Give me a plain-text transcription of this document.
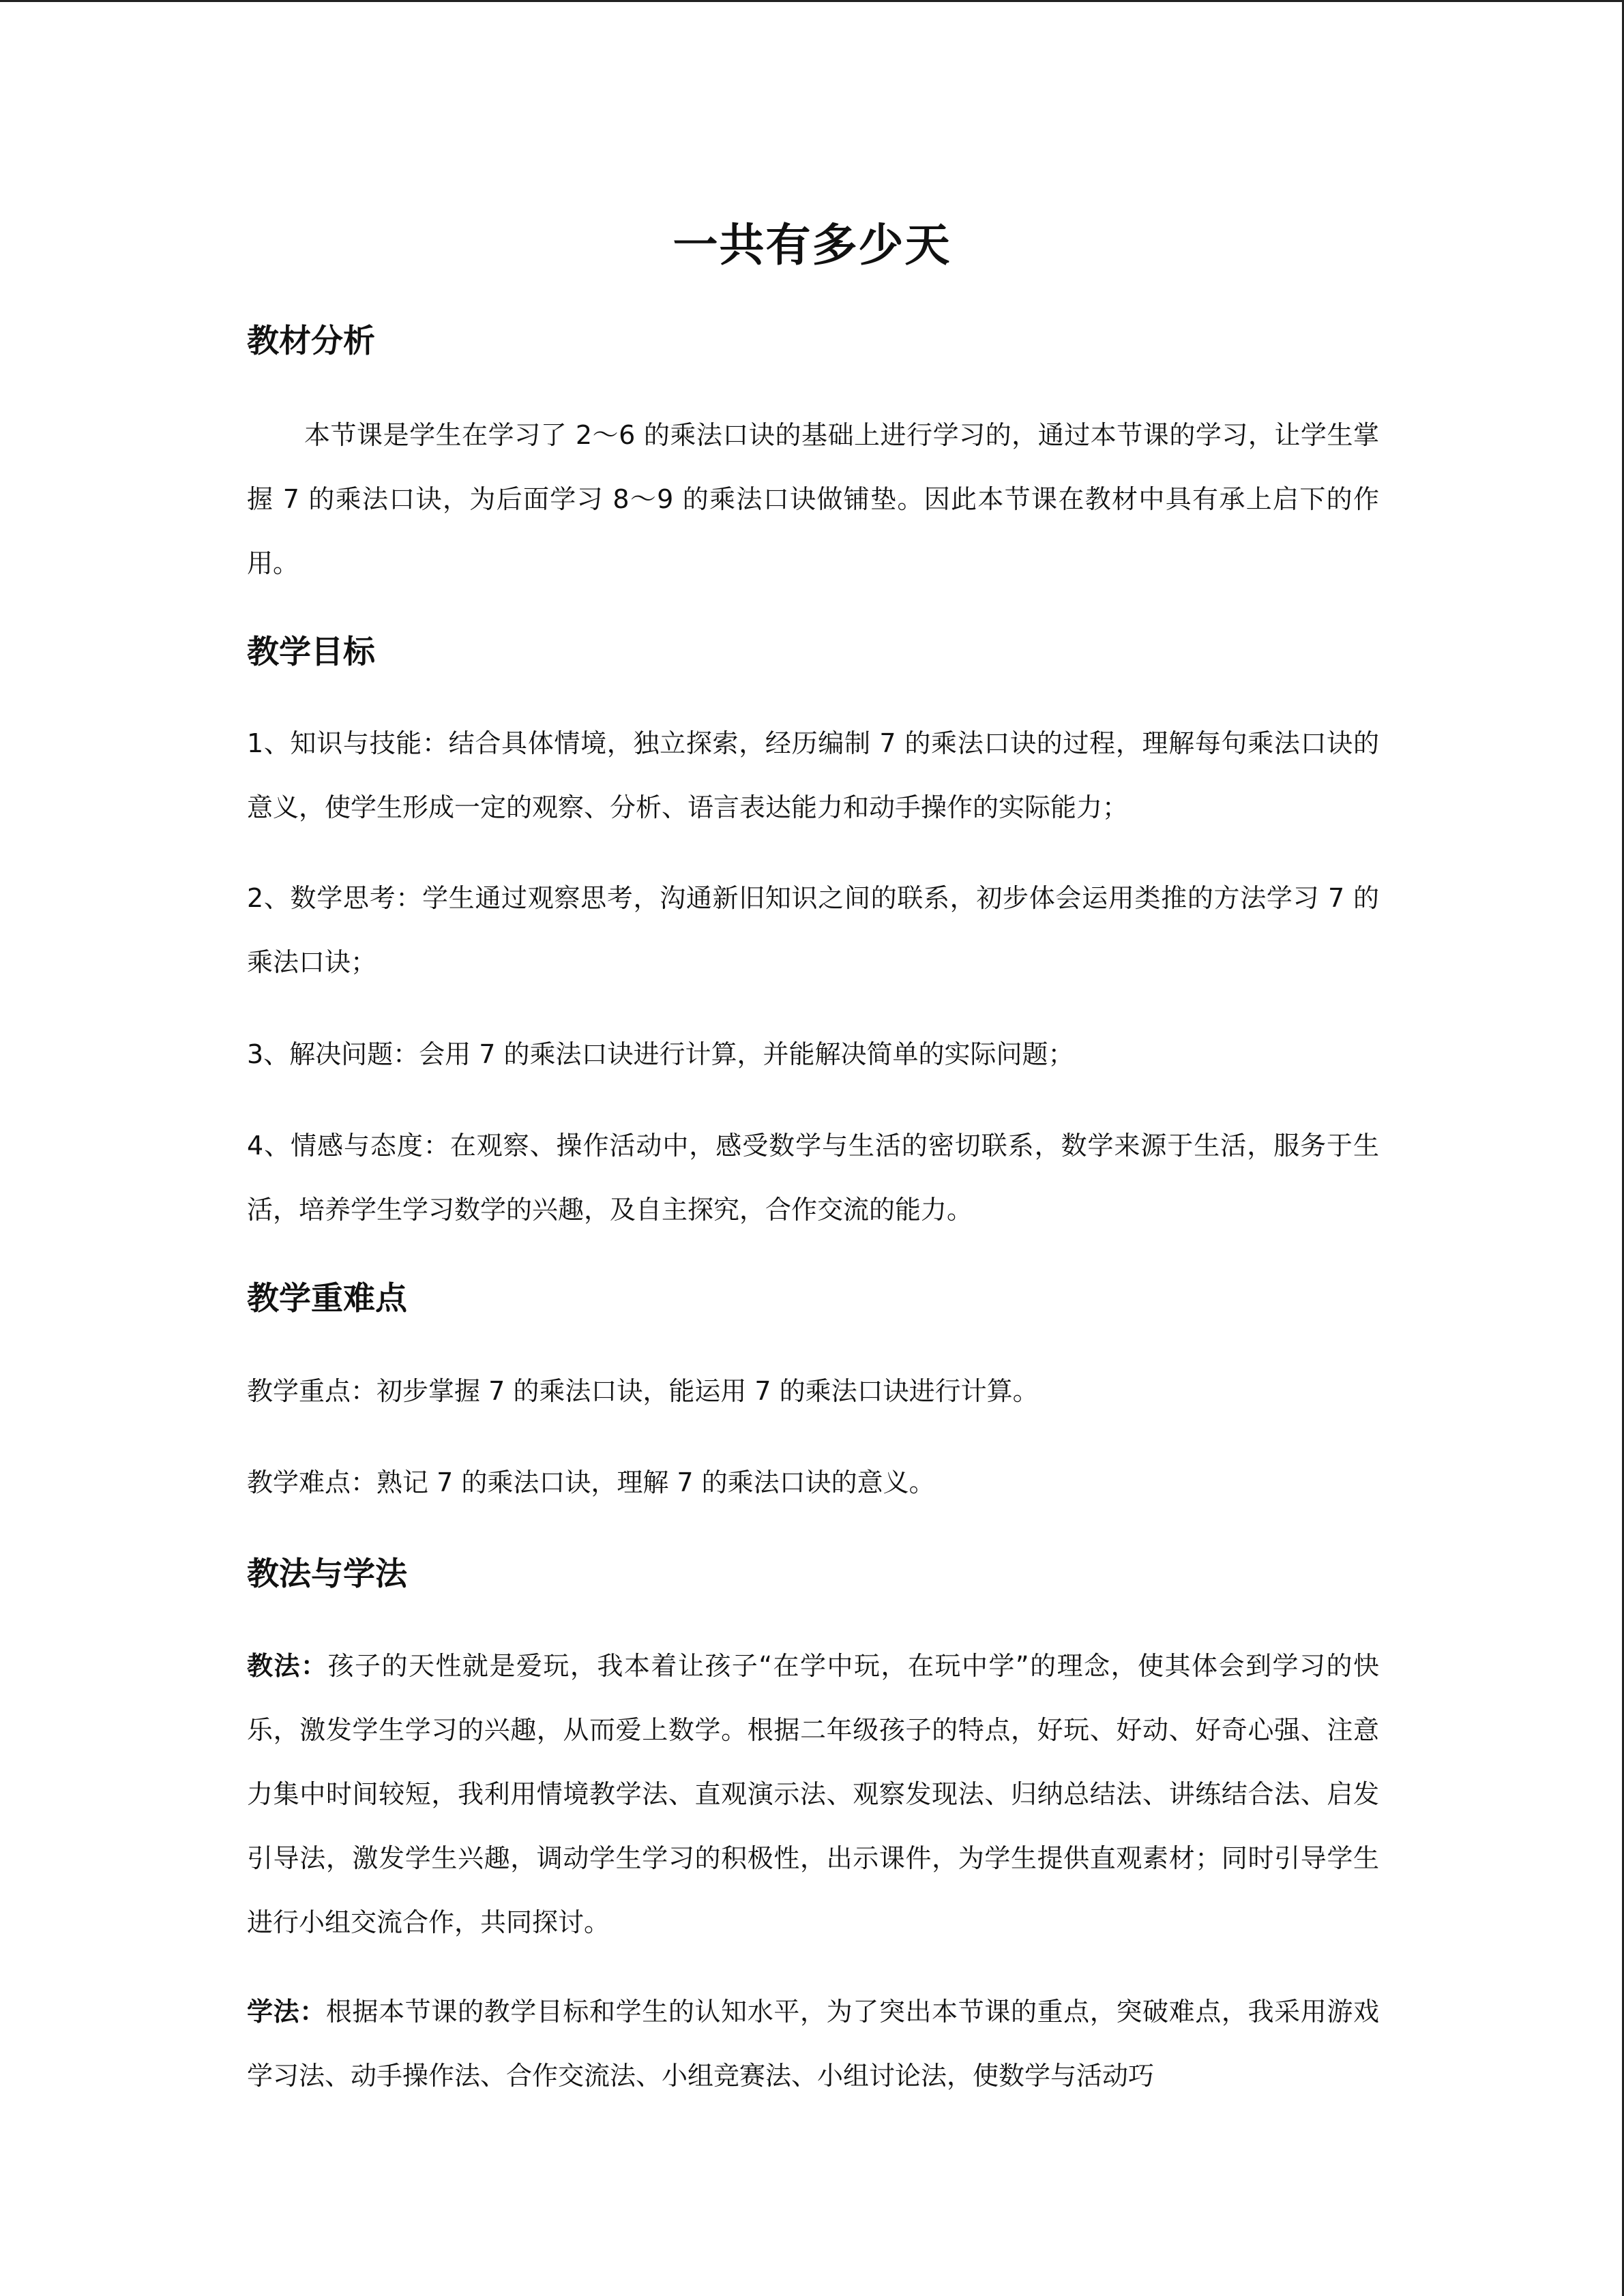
一共有多少天
教材分析

本节课是学生在学习了 2～6 的乘法口诀的基础上进行学习的，通过本节课的学习，让学生掌握 7 的乘法口诀，为后面学习 8～9 的乘法口诀做铺垫。因此本节课在教材中具有承上启下的作用。

教学目标

1、知识与技能：结合具体情境，独立探索，经历编制 7 的乘法口诀的过程，理解每句乘法口诀的意义，使学生形成一定的观察、分析、语言表达能力和动手操作的实际能力；

2、数学思考：学生通过观察思考，沟通新旧知识之间的联系，初步体会运用类推的方法学习 7 的乘法口诀；

3、解决问题：会用 7 的乘法口诀进行计算，并能解决简单的实际问题；

4、情感与态度：在观察、操作活动中，感受数学与生活的密切联系，数学来源于生活，服务于生活，培养学生学习数学的兴趣，及自主探究，合作交流的能力。

教学重难点

教学重点：初步掌握 7 的乘法口诀，能运用 7 的乘法口诀进行计算。

教学难点：熟记 7 的乘法口诀，理解 7 的乘法口诀的意义。

教法与学法

教法：孩子的天性就是爱玩，我本着让孩子“在学中玩，在玩中学”的理念，使其体会到学习的快乐，激发学生学习的兴趣，从而爱上数学。根据二年级孩子的特点，好玩、好动、好奇心强、注意力集中时间较短，我利用情境教学法、直观演示法、观察发现法、归纳总结法、讲练结合法、启发引导法，激发学生兴趣，调动学生学习的积极性，出示课件，为学生提供直观素材；同时引导学生进行小组交流合作，共同探讨。

学法：根据本节课的教学目标和学生的认知水平，为了突出本节课的重点，突破难点，我采用游戏学习法、动手操作法、合作交流法、小组竞赛法、小组讨论法，使数学与活动巧
